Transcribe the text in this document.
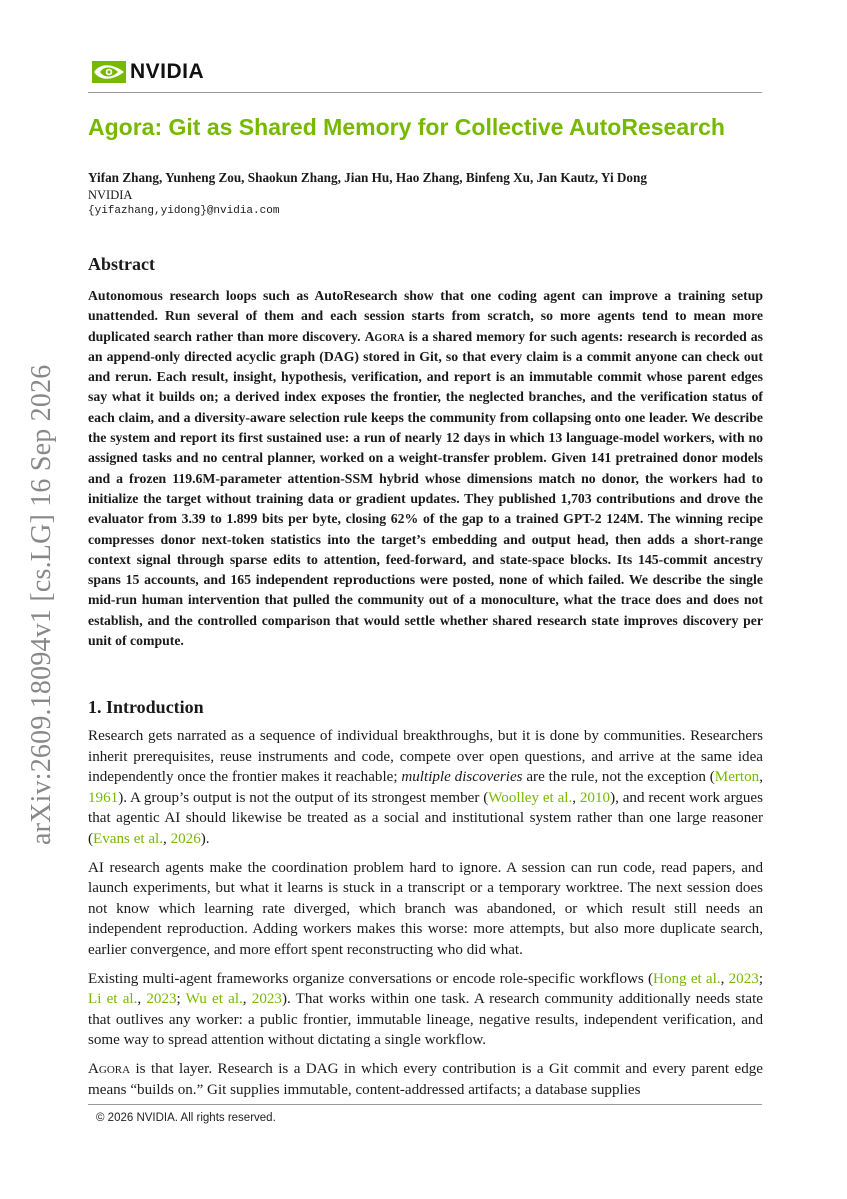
NVIDIA
Agora: Git as Shared Memory for Collective AutoResearch

Yifan Zhang, Yunheng Zou, Shaokun Zhang, Jian Hu, Hao Zhang, Binfeng Xu, Jan Kautz, Yi Dong

NVIDIA

{yifazhang,yidong}@nvidia.com

arXiv:2609.18094v1 [cs.LG] 16 Sep 2026
Abstract

Autonomous research loops such as AutoResearch show that one coding agent can improve a training setup unattended. Run several of them and each session starts from scratch, so more agents tend to mean more duplicated search rather than more discovery. Agora is a shared memory for such agents: research is recorded as an append-only directed acyclic graph (DAG) stored in Git, so that every claim is a commit anyone can check out and rerun. Each result, insight, hypothesis, verification, and report is an immutable commit whose parent edges say what it builds on; a derived index exposes the frontier, the neglected branches, and the verification status of each claim, and a diversity-aware selection rule keeps the community from collapsing onto one leader. We describe the system and report its first sustained use: a run of nearly 12 days in which 13 language-model workers, with no assigned tasks and no central planner, worked on a weight-transfer problem. Given 141 pretrained donor models and a frozen 119.6M-parameter attention-SSM hybrid whose dimensions match no donor, the workers had to initialize the target without training data or gradient updates. They published 1,703 contributions and drove the evaluator from 3.39 to 1.899 bits per byte, closing 62% of the gap to a trained GPT-2 124M. The winning recipe compresses donor next-token statistics into the target’s embedding and output head, then adds a short-range context signal through sparse edits to attention, feed-forward, and state-space blocks. Its 145-commit ancestry spans 15 accounts, and 165 independent reproductions were posted, none of which failed. We describe the single mid-run human intervention that pulled the community out of a monoculture, what the trace does and does not establish, and the controlled comparison that would settle whether shared research state improves discovery per unit of compute.

1. Introduction

Research gets narrated as a sequence of individual breakthroughs, but it is done by communities. Researchers inherit prerequisites, reuse instruments and code, compete over open questions, and arrive at the same idea independently once the frontier makes it reachable; multiple discoveries are the rule, not the exception (Merton, 1961). A group’s output is not the output of its strongest member (Woolley et al., 2010), and recent work argues that agentic AI should likewise be treated as a social and institutional system rather than one large reasoner (Evans et al., 2026).

AI research agents make the coordination problem hard to ignore. A session can run code, read papers, and launch experiments, but what it learns is stuck in a transcript or a temporary worktree. The next session does not know which learning rate diverged, which branch was abandoned, or which result still needs an independent reproduction. Adding workers makes this worse: more attempts, but also more duplicate search, earlier convergence, and more effort spent reconstructing who did what.

Existing multi-agent frameworks organize conversations or encode role-specific workflows (Hong et al., 2023; Li et al., 2023; Wu et al., 2023). That works within one task. A research community additionally needs state that outlives any worker: a public frontier, immutable lineage, negative results, independent verification, and some way to spread attention without dictating a single workflow.

Agora is that layer. Research is a DAG in which every contribution is a Git commit and every parent edge means “builds on.” Git supplies immutable, content-addressed artifacts; a database supplies

© 2026 NVIDIA. All rights reserved.
